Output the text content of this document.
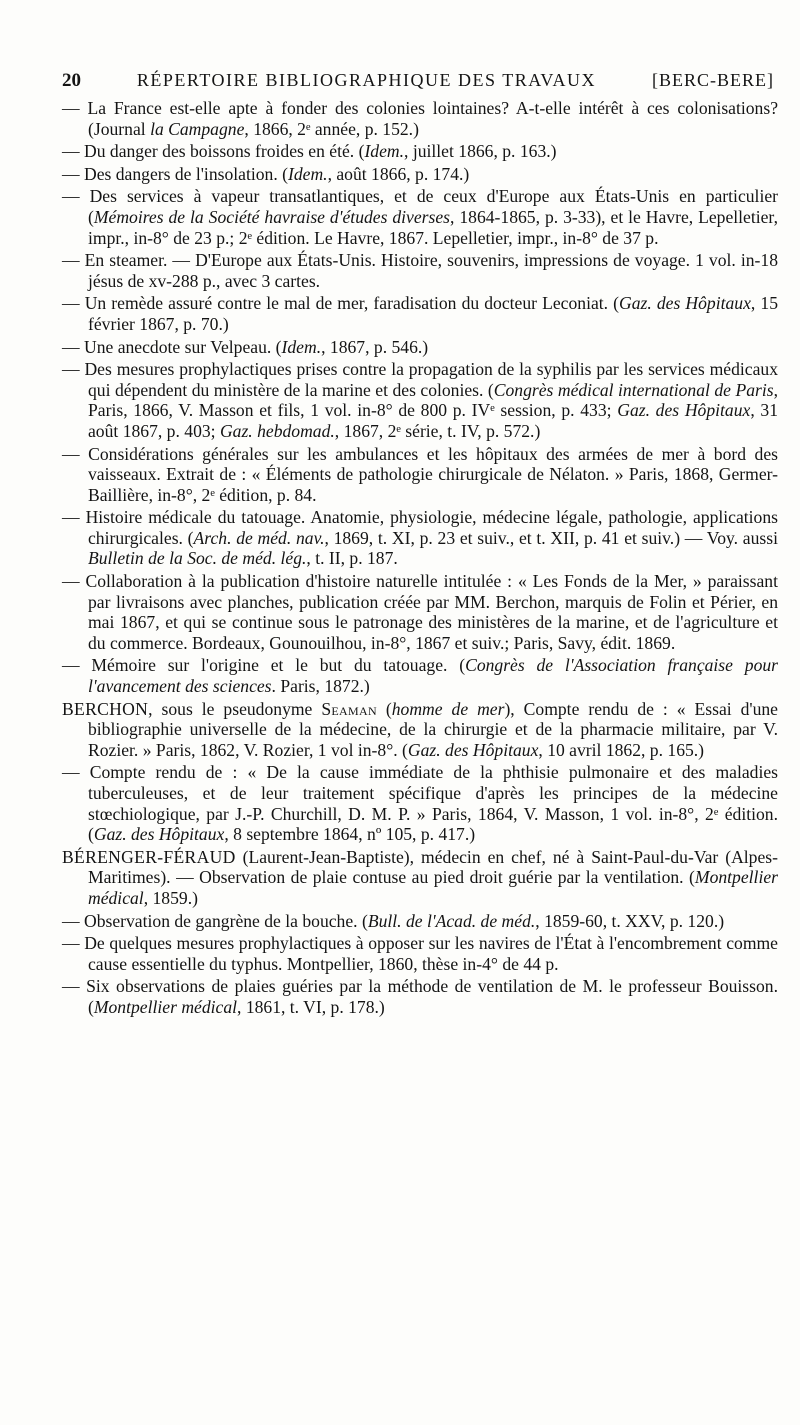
20	RÉPERTOIRE BIBLIOGRAPHIQUE DES TRAVAUX	[BERC-BERE]

— La France est-elle apte à fonder des colonies lointaines? A-t-elle intérêt à ces colonisations? (Journal la Campagne, 1866, 2ᵉ année, p. 152.)

— Du danger des boissons froides en été. (Idem., juillet 1866, p. 163.)

— Des dangers de l'insolation. (Idem., août 1866, p. 174.)

— Des services à vapeur transatlantiques, et de ceux d'Europe aux États-Unis en particulier (Mémoires de la Société havraise d'études diverses, 1864-1865, p. 3-33), et le Havre, Lepelletier, impr., in-8° de 23 p.; 2ᵉ édition. Le Havre, 1867. Lepelletier, impr., in-8° de 37 p.

— En steamer. — D'Europe aux États-Unis. Histoire, souvenirs, impressions de voyage. 1 vol. in-18 jésus de xv-288 p., avec 3 cartes.

— Un remède assuré contre le mal de mer, faradisation du docteur Leconiat. (Gaz. des Hôpitaux, 15 février 1867, p. 70.)

— Une anecdote sur Velpeau. (Idem., 1867, p. 546.)

— Des mesures prophylactiques prises contre la propagation de la syphilis par les services médicaux qui dépendent du ministère de la marine et des colonies. (Congrès médical international de Paris, Paris, 1866, V. Masson et fils, 1 vol. in-8° de 800 p. IVᵉ session, p. 433; Gaz. des Hôpitaux, 31 août 1867, p. 403; Gaz. hebdomad., 1867, 2ᵉ série, t. IV, p. 572.)

— Considérations générales sur les ambulances et les hôpitaux des armées de mer à bord des vaisseaux. Extrait de : « Éléments de pathologie chirurgicale de Nélaton. » Paris, 1868, Germer-Baillière, in-8°, 2ᵉ édition, p. 84.

— Histoire médicale du tatouage. Anatomie, physiologie, médecine légale, pathologie, applications chirurgicales. (Arch. de méd. nav., 1869, t. XI, p. 23 et suiv., et t. XII, p. 41 et suiv.) — Voy. aussi Bulletin de la Soc. de méd. lég., t. II, p. 187.

— Collaboration à la publication d'histoire naturelle intitulée : « Les Fonds de la Mer, » paraissant par livraisons avec planches, publication créée par MM. Berchon, marquis de Folin et Périer, en mai 1867, et qui se continue sous le patronage des ministères de la marine, et de l'agriculture et du commerce. Bordeaux, Gounouilhou, in-8°, 1867 et suiv.; Paris, Savy, édit. 1869.

— Mémoire sur l'origine et le but du tatouage. (Congrès de l'Association française pour l'avancement des sciences. Paris, 1872.)

BERCHON, sous le pseudonyme Seaman (homme de mer), Compte rendu de : « Essai d'une bibliographie universelle de la médecine, de la chirurgie et de la pharmacie militaire, par V. Rozier. » Paris, 1862, V. Rozier, 1 vol in-8°. (Gaz. des Hôpitaux, 10 avril 1862, p. 165.)

— Compte rendu de : « De la cause immédiate de la phthisie pulmonaire et des maladies tuberculeuses, et de leur traitement spécifique d'après les principes de la médecine stœchiologique, par J.-P. Churchill, D. M. P. » Paris, 1864, V. Masson, 1 vol. in-8°, 2ᵉ édition. (Gaz. des Hôpitaux, 8 septembre 1864, nº 105, p. 417.)

BÉRENGER-FÉRAUD (Laurent-Jean-Baptiste), médecin en chef, né à Saint-Paul-du-Var (Alpes-Maritimes). — Observation de plaie contuse au pied droit guérie par la ventilation. (Montpellier médical, 1859.)

— Observation de gangrène de la bouche. (Bull. de l'Acad. de méd., 1859-60, t. XXV, p. 120.)

— De quelques mesures prophylactiques à opposer sur les navires de l'État à l'encombrement comme cause essentielle du typhus. Montpellier, 1860, thèse in-4° de 44 p.

— Six observations de plaies guéries par la méthode de ventilation de M. le professeur Bouisson. (Montpellier médical, 1861, t. VI, p. 178.)
